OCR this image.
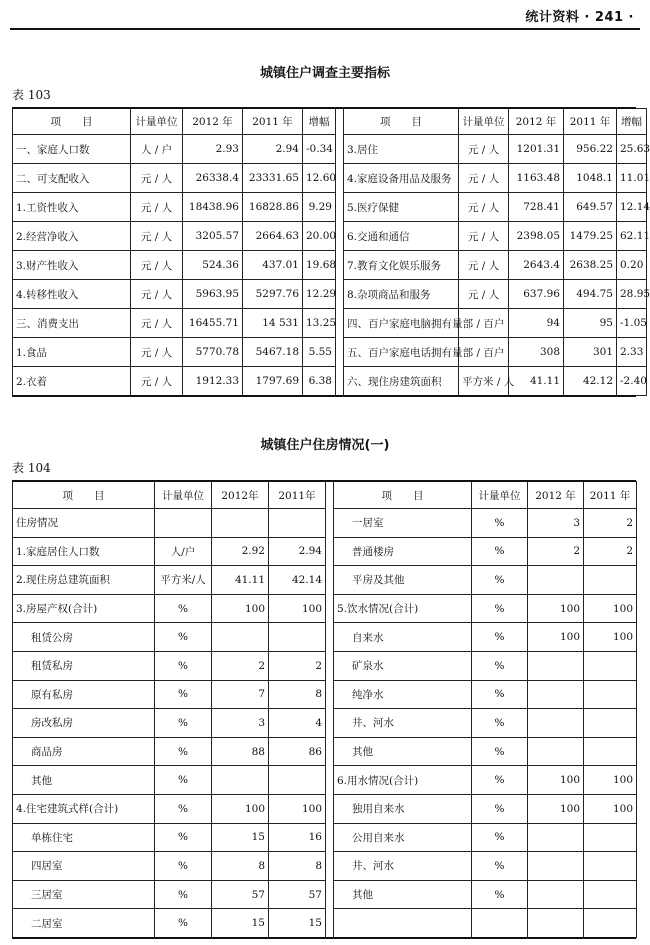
统计资料 · 241 ·
城镇住户调查主要指标
表 103
项　　目	计量单位	2012 年	2011 年	增幅		项　　目	计量单位	2012 年	2011 年	增幅
一、家庭人口数	人 / 户	2.93	2.94	-0.34		3.居住	元 / 人	1201.31	956.22	25.63
二、可支配收入	元 / 人	26338.4	23331.65	12.60		4.家庭设备用品及服务	元 / 人	1163.48	1048.1	11.01
1.工资性收入	元 / 人	18438.96	16828.86	9.29		5.医疗保健	元 / 人	728.41	649.57	12.14
2.经营净收入	元 / 人	3205.57	2664.63	20.00		6.交通和通信	元 / 人	2398.05	1479.25	62.11
3.财产性收入	元 / 人	524.36	437.01	19.68		7.教育文化娱乐服务	元 / 人	2643.4	2638.25	0.20
4.转移性收入	元 / 人	5963.95	5297.76	12.29		8.杂项商品和服务	元 / 人	637.96	494.75	28.95
三、消费支出	元 / 人	16455.71	14 531	13.25		四、百户家庭电脑拥有量	部 / 百户	94	95	-1.05
1.食品	元 / 人	5770.78	5467.18	5.55		五、百户家庭电话拥有量	部 / 百户	308	301	2.33
2.衣着	元 / 人	1912.33	1797.69	6.38		六、现住房建筑面积	平方米 / 人	41.11	42.12	-2.40
城镇住户住房情况(一)
表 104
项　　目	计量单位	2012年	2011年		项　　目	计量单位	2012 年	2011 年
住房情况					一居室	%	3	2
1.家庭居住人口数	人/户	2.92	2.94		普通楼房	%	2	2
2.现住房总建筑面积	平方米/人	41.11	42.14		平房及其他	%		
3.房屋产权(合计)	%	100	100		5.饮水情况(合计)	%	100	100
租赁公房	%				自来水	%	100	100
租赁私房	%	2	2		矿泉水	%		
原有私房	%	7	8		纯净水	%		
房改私房	%	3	4		井、河水	%		
商品房	%	88	86		其他	%		
其他	%				6.用水情况(合计)	%	100	100
4.住宅建筑式样(合计)	%	100	100		独用自来水	%	100	100
单栋住宅	%	15	16		公用自来水	%		
四居室	%	8	8		井、河水	%		
三居室	%	57	57		其他	%		
二居室	%	15	15					
